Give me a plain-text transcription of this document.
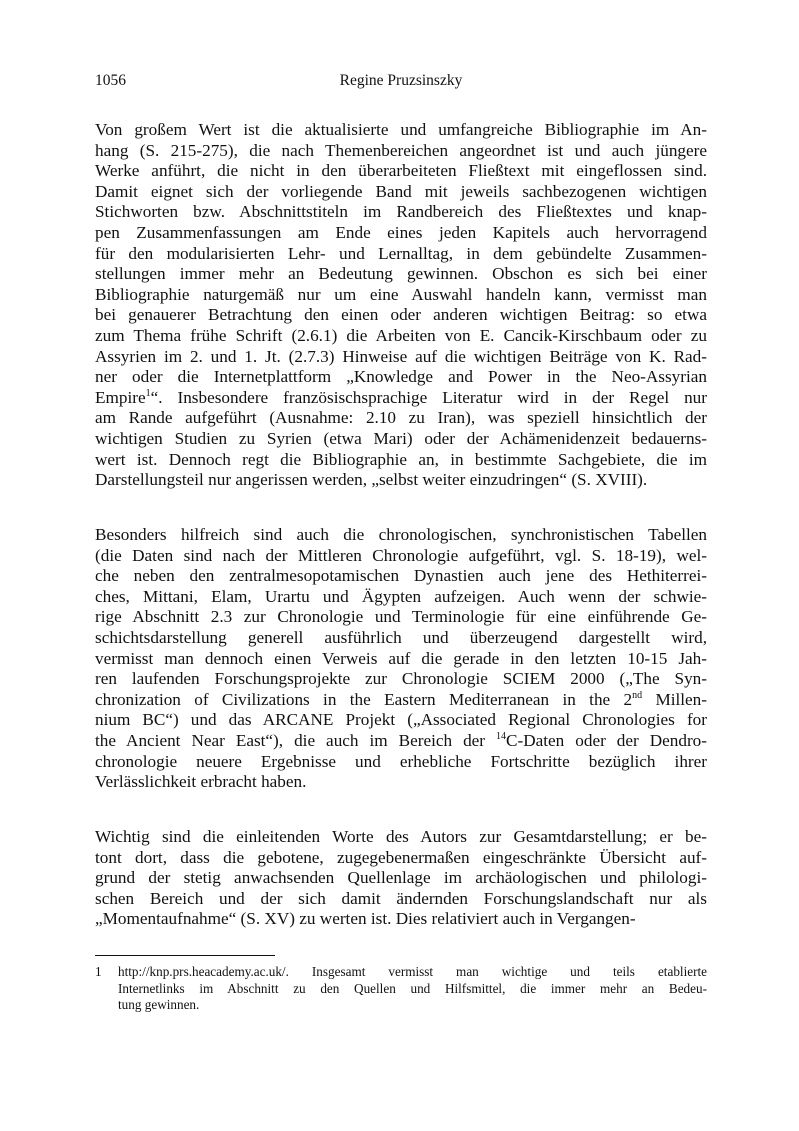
1056	Regine Pruzsinszky
Von großem Wert ist die aktualisierte und umfangreiche Bibliographie im An-
hang (S. 215-275), die nach Themenbereichen angeordnet ist und auch jüngere
Werke anführt, die nicht in den überarbeiteten Fließtext mit eingeflossen sind.
Damit eignet sich der vorliegende Band mit jeweils sachbezogenen wichtigen
Stichworten bzw. Abschnittstiteln im Randbereich des Fließtextes und knap-
pen Zusammenfassungen am Ende eines jeden Kapitels auch hervorragend
für den modularisierten Lehr- und Lernalltag, in dem gebündelte Zusammen-
stellungen immer mehr an Bedeutung gewinnen. Obschon es sich bei einer
Bibliographie naturgemäß nur um eine Auswahl handeln kann, vermisst man
bei genauerer Betrachtung den einen oder anderen wichtigen Beitrag: so etwa
zum Thema frühe Schrift (2.6.1) die Arbeiten von E. Cancik-Kirschbaum oder zu
Assyrien im 2. und 1. Jt. (2.7.3) Hinweise auf die wichtigen Beiträge von K. Rad-
ner oder die Internetplattform „Knowledge and Power in the Neo-Assyrian
Empire$^1$“. Insbesondere französischsprachige Literatur wird in der Regel nur
am Rande aufgeführt (Ausnahme: 2.10 zu Iran), was speziell hinsichtlich der
wichtigen Studien zu Syrien (etwa Mari) oder der Achämenidenzeit bedauerns-
wert ist. Dennoch regt die Bibliographie an, in bestimmte Sachgebiete, die im
Darstellungsteil nur angerissen werden, „selbst weiter einzudringen“ (S. XVIII).
Besonders hilfreich sind auch die chronologischen, synchronistischen Tabellen
(die Daten sind nach der Mittleren Chronologie aufgeführt, vgl. S. 18-19), wel-
che neben den zentralmesopotamischen Dynastien auch jene des Hethiterrei-
ches, Mittani, Elam, Urartu und Ägypten aufzeigen. Auch wenn der schwie-
rige Abschnitt 2.3 zur Chronologie und Terminologie für eine einführende Ge-
schichtsdarstellung generell ausführlich und überzeugend dargestellt wird,
vermisst man dennoch einen Verweis auf die gerade in den letzten 10-15 Jah-
ren laufenden Forschungsprojekte zur Chronologie SCIEM 2000 („The Syn-
chronization of Civilizations in the Eastern Mediterranean in the 2nd Millen-
nium BC“) und das ARCANE Projekt („Associated Regional Chronologies for
the Ancient Near East“), die auch im Bereich der $^{14}$C-Daten oder der Dendro-
chronologie neuere Ergebnisse und erhebliche Fortschritte bezüglich ihrer
Verlässlichkeit erbracht haben.
Wichtig sind die einleitenden Worte des Autors zur Gesamtdarstellung; er be-
tont dort, dass die gebotene, zugegebenermaßen eingeschränkte Übersicht auf-
grund der stetig anwachsenden Quellenlage im archäologischen und philologi-
schen Bereich und der sich damit ändernden Forschungslandschaft nur als
„Momentaufnahme“ (S. XV) zu werten ist. Dies relativiert auch in Vergangen-
1 http://knp.prs.heacademy.ac.uk/. Insgesamt vermisst man wichtige und teils etablierte
Internetlinks im Abschnitt zu den Quellen und Hilfsmittel, die immer mehr an Bedeu-
tung gewinnen.
